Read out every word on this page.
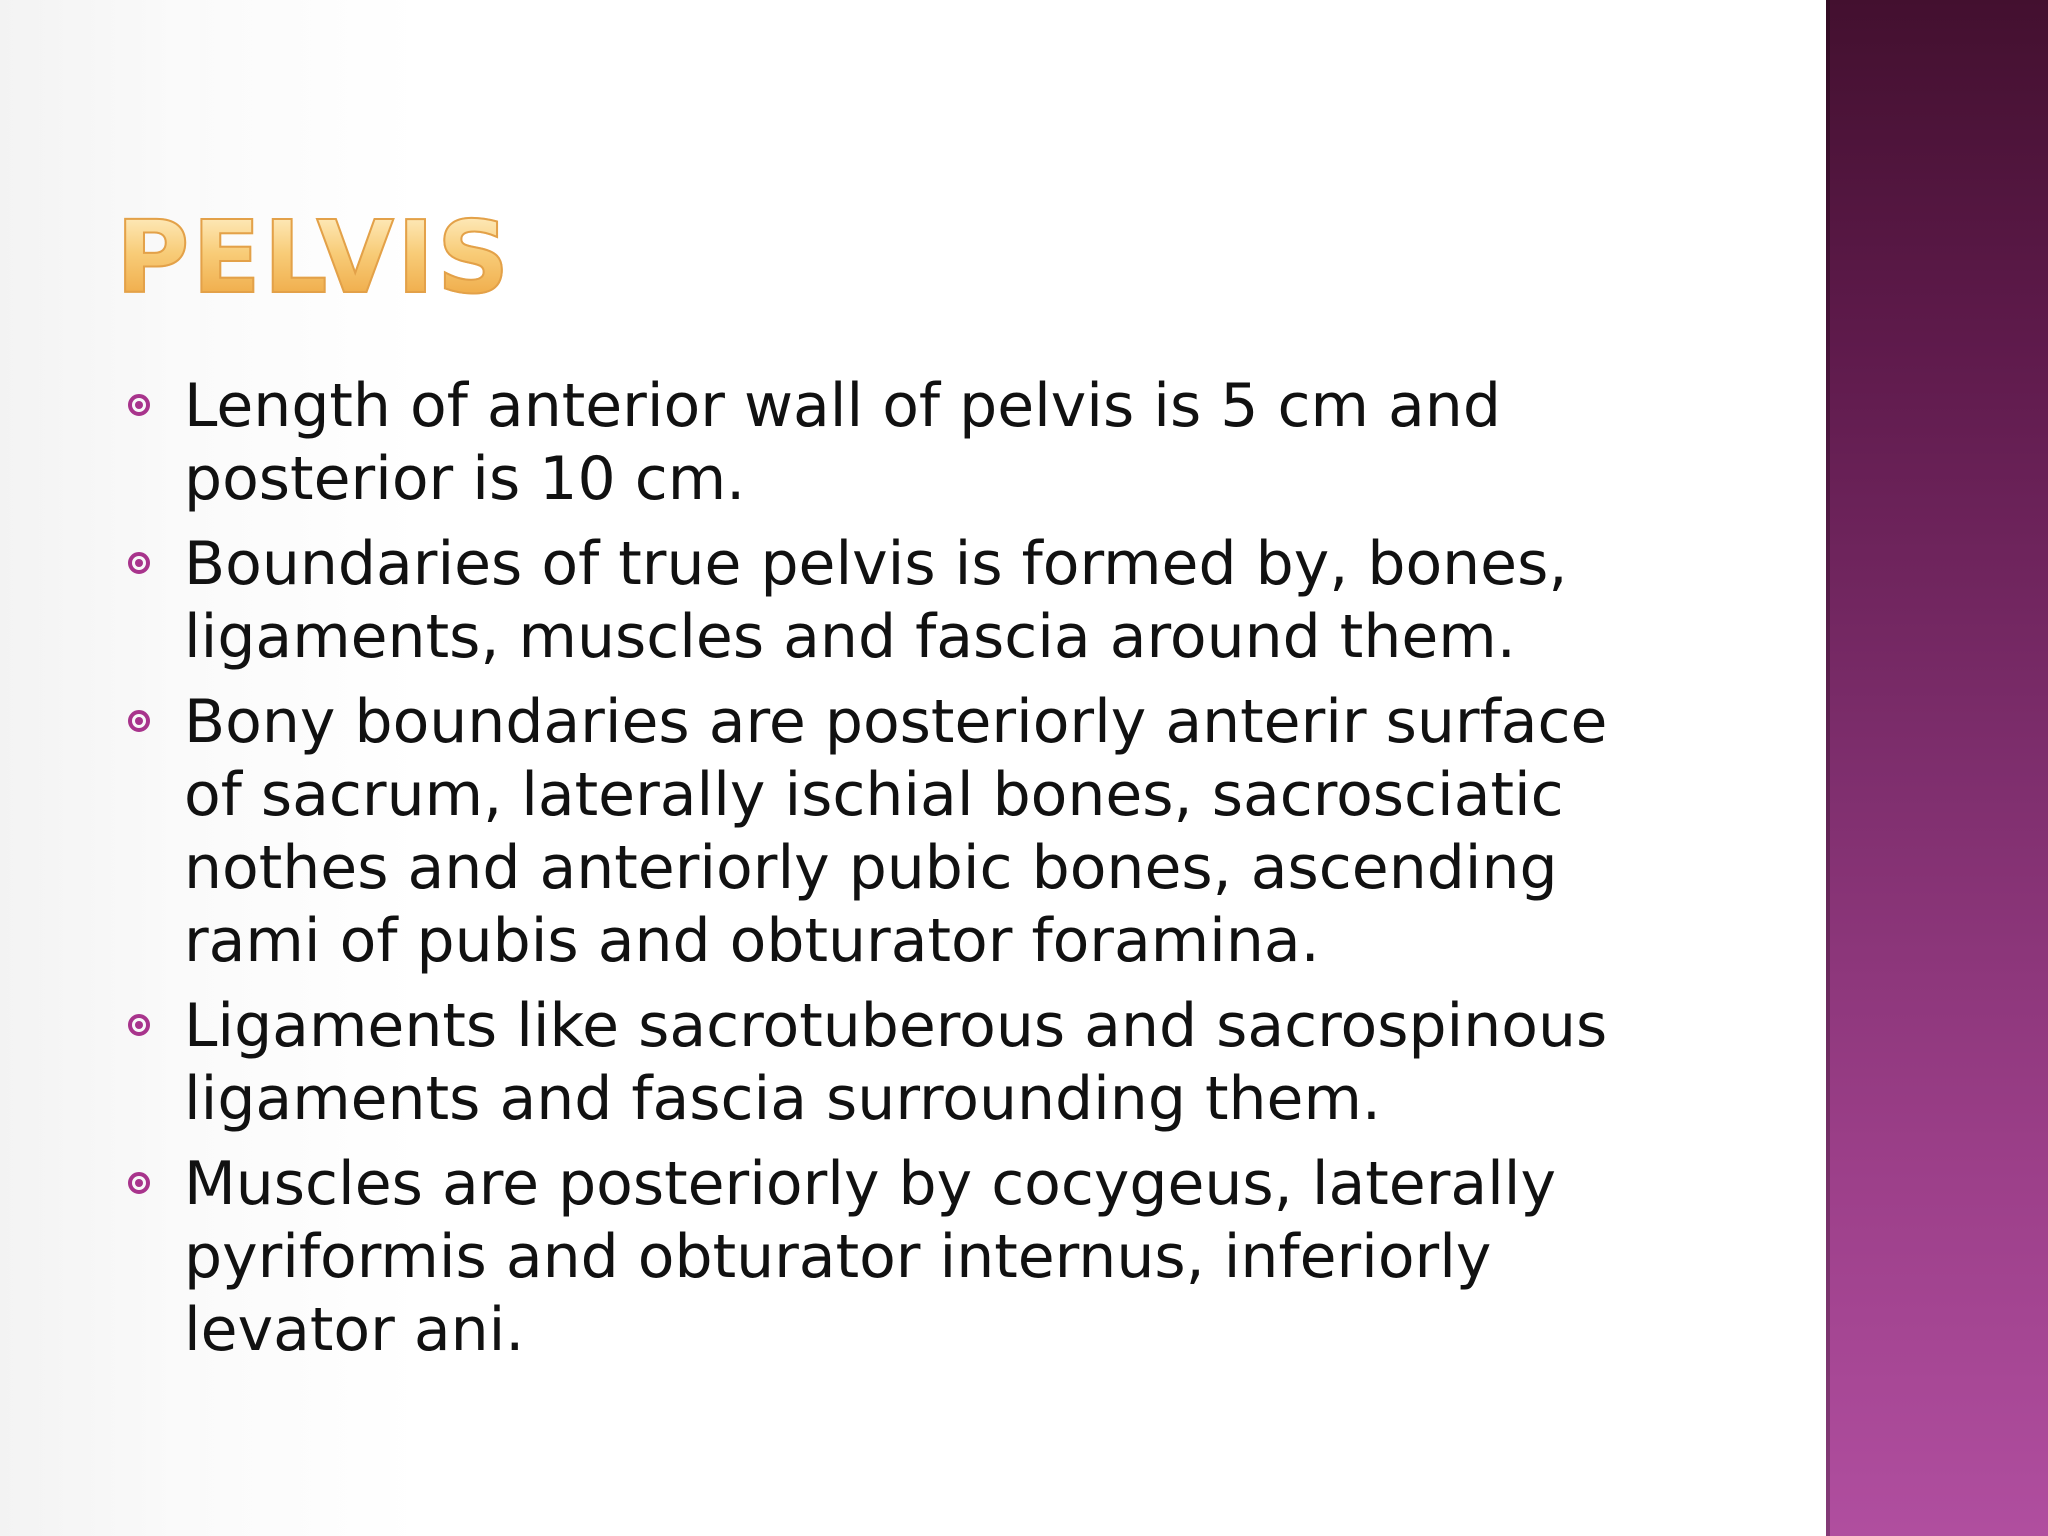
PELVIS
Length of anterior wall of pelvis is 5 cm and posterior is 10 cm.
Boundaries of true pelvis is formed by, bones, ligaments, muscles and fascia around them.
Bony boundaries are posteriorly anterir surface of sacrum, laterally ischial bones, sacrosciatic nothes and anteriorly pubic bones, ascending rami of pubis and obturator foramina.
Ligaments like sacrotuberous and sacrospinous ligaments and fascia surrounding them.
Muscles are posteriorly by cocygeus, laterally pyriformis and obturator internus, inferiorly levator ani.
